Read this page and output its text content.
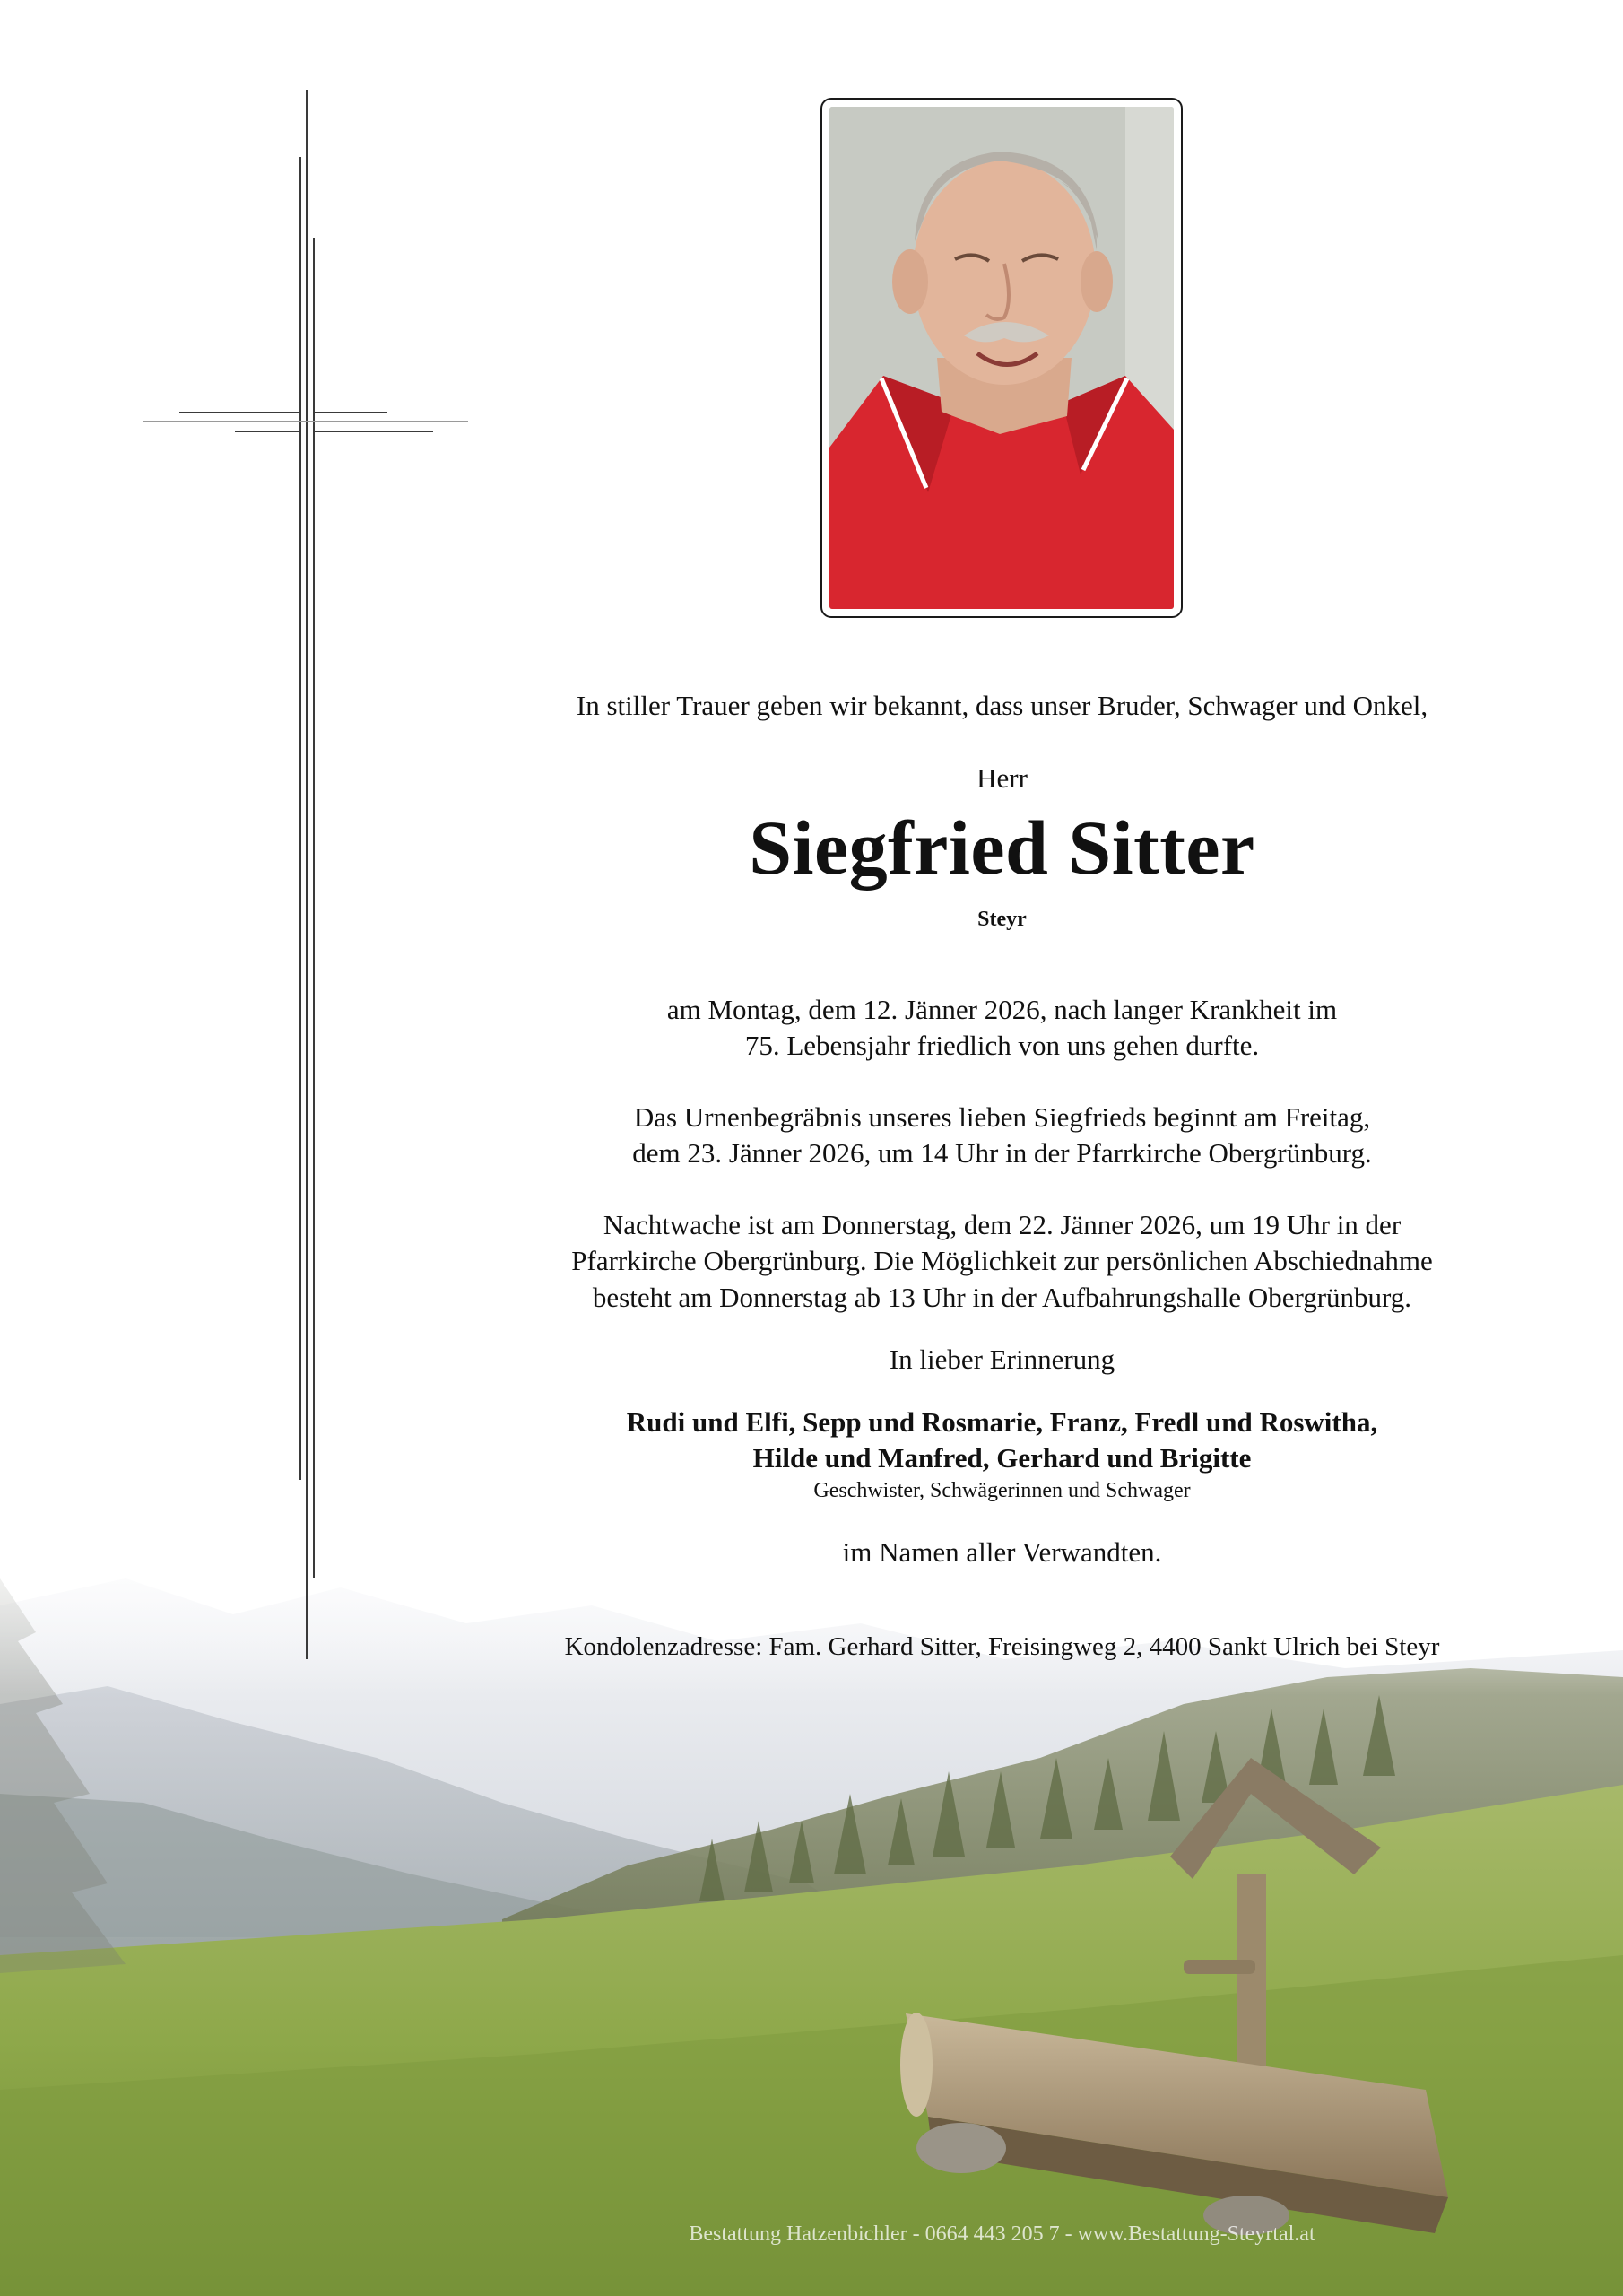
In stiller Trauer geben wir bekannt, dass unser Bruder, Schwager und Onkel,
Herr
Siegfried Sitter
Steyr
am Montag, dem 12. Jänner 2026, nach langer Krankheit im
75. Lebensjahr friedlich von uns gehen durfte.
Das Urnenbegräbnis unseres lieben Siegfrieds beginnt am Freitag,
dem 23. Jänner 2026, um 14 Uhr in der Pfarrkirche Obergrünburg.
Nachtwache ist am Donnerstag, dem 22. Jänner 2026, um 19 Uhr in der
Pfarrkirche Obergrünburg. Die Möglichkeit zur persönlichen Abschiednahme
besteht am Donnerstag ab 13 Uhr in der Aufbahrungshalle Obergrünburg.
In lieber Erinnerung
Rudi und Elfi, Sepp und Rosmarie, Franz, Fredl und Roswitha,
Hilde und Manfred, Gerhard und Brigitte
Geschwister, Schwägerinnen und Schwager
im Namen aller Verwandten.
Kondolenzadresse: Fam. Gerhard Sitter, Freisingweg 2, 4400 Sankt Ulrich bei Steyr
Bestattung Hatzenbichler - 0664 443 205 7 - www.Bestattung-Steyrtal.at
